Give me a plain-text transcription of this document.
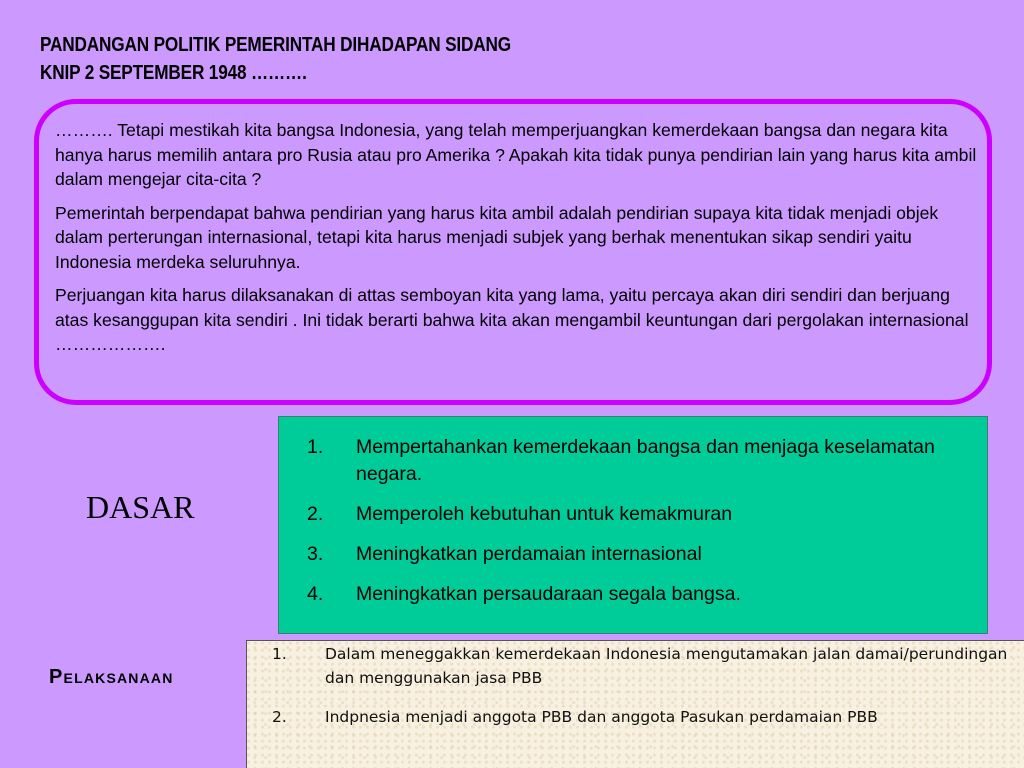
PANDANGAN POLITIK PEMERINTAH DIHADAPAN SIDANG
KNIP 2 SEPTEMBER 1948 ……….

………. Tetapi mestikah kita bangsa Indonesia, yang telah memperjuangkan kemerdekaan bangsa dan negara kita hanya harus memilih antara pro Rusia atau pro Amerika ? Apakah kita tidak punya pendirian lain yang harus kita ambil dalam mengejar cita-cita ?

Pemerintah berpendapat bahwa pendirian yang harus kita ambil adalah pendirian supaya kita tidak menjadi objek dalam perterungan internasional, tetapi kita harus menjadi subjek yang berhak menentukan sikap sendiri yaitu Indonesia merdeka seluruhnya.

Perjuangan kita harus dilaksanakan di attas semboyan kita yang lama, yaitu percaya akan diri sendiri dan berjuang atas kesanggupan kita sendiri . Ini tidak berarti bahwa kita akan mengambil keuntungan dari pergolakan internasional ……………….

DASAR
1.	Mempertahankan kemerdekaan bangsa dan menjaga keselamatan negara.
2.	Memperoleh kebutuhan untuk kemakmuran
3.	Meningkatkan perdamaian internasional
4.	Meningkatkan persaudaraan segala bangsa.
Pelaksanaan
1.	Dalam meneggakkan kemerdekaan Indonesia mengutamakan jalan damai/perundingan dan menggunakan jasa PBB
2.	Indpnesia menjadi anggota PBB dan anggota Pasukan perdamaian PBB
